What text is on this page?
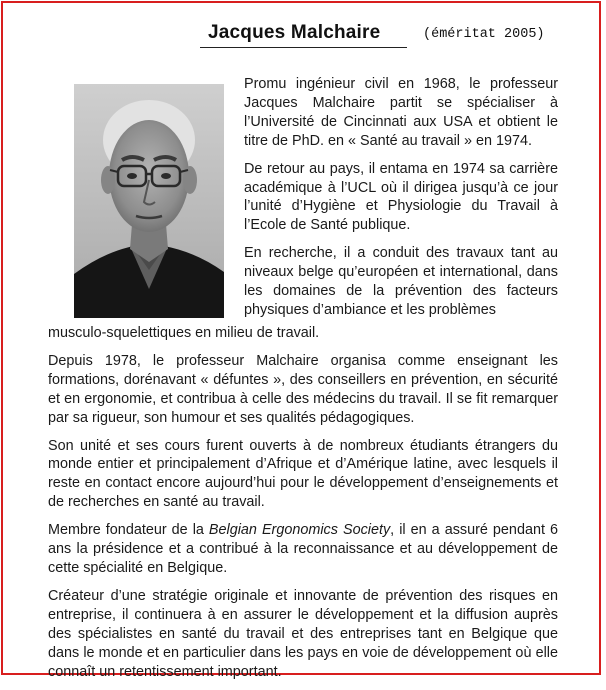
Jacques Malchaire	(éméritat 2005)

Promu ingénieur civil en 1968, le professeur Jacques Malchaire partit se spécialiser à l’Université de Cincinnati aux USA et obtient le titre de PhD. en « Santé au travail » en 1974.

De retour au pays, il entama en 1974 sa carrière académique à l’UCL où il dirigea jusqu’à ce jour l’unité d’Hygiène et Physiologie du Travail à l’Ecole de Santé publique.

En recherche, il a conduit des travaux tant au niveaux belge qu’européen et international, dans les domaines de la prévention des facteurs physiques d’ambiance et les problèmes

musculo-squelettiques en milieu de travail.

Depuis 1978, le professeur Malchaire organisa comme enseignant les formations, dorénavant « défuntes », des conseillers en prévention, en sécurité et en ergonomie, et contribua à celle des médecins du travail. Il se fit remarquer par sa rigueur, son humour et ses qualités pédagogiques.

Son unité et ses cours furent ouverts à de nombreux étudiants étrangers du monde entier et principalement d’Afrique et d’Amérique latine, avec lesquels il reste en contact encore aujourd’hui pour le développement d’enseignements et de recherches en santé au travail.

Membre fondateur de la Belgian Ergonomics Society, il en a assuré pendant 6 ans la présidence et a contribué à la reconnaissance et au développement de cette spécialité en Belgique.

Créateur d’une stratégie originale et innovante de prévention des risques en entreprise, il continuera à en assurer le développement et la diffusion auprès des spécialistes en santé du travail et des entreprises tant en Belgique que dans le monde et en particulier dans les pays en voie de développement où elle connaît un retentissement important.
